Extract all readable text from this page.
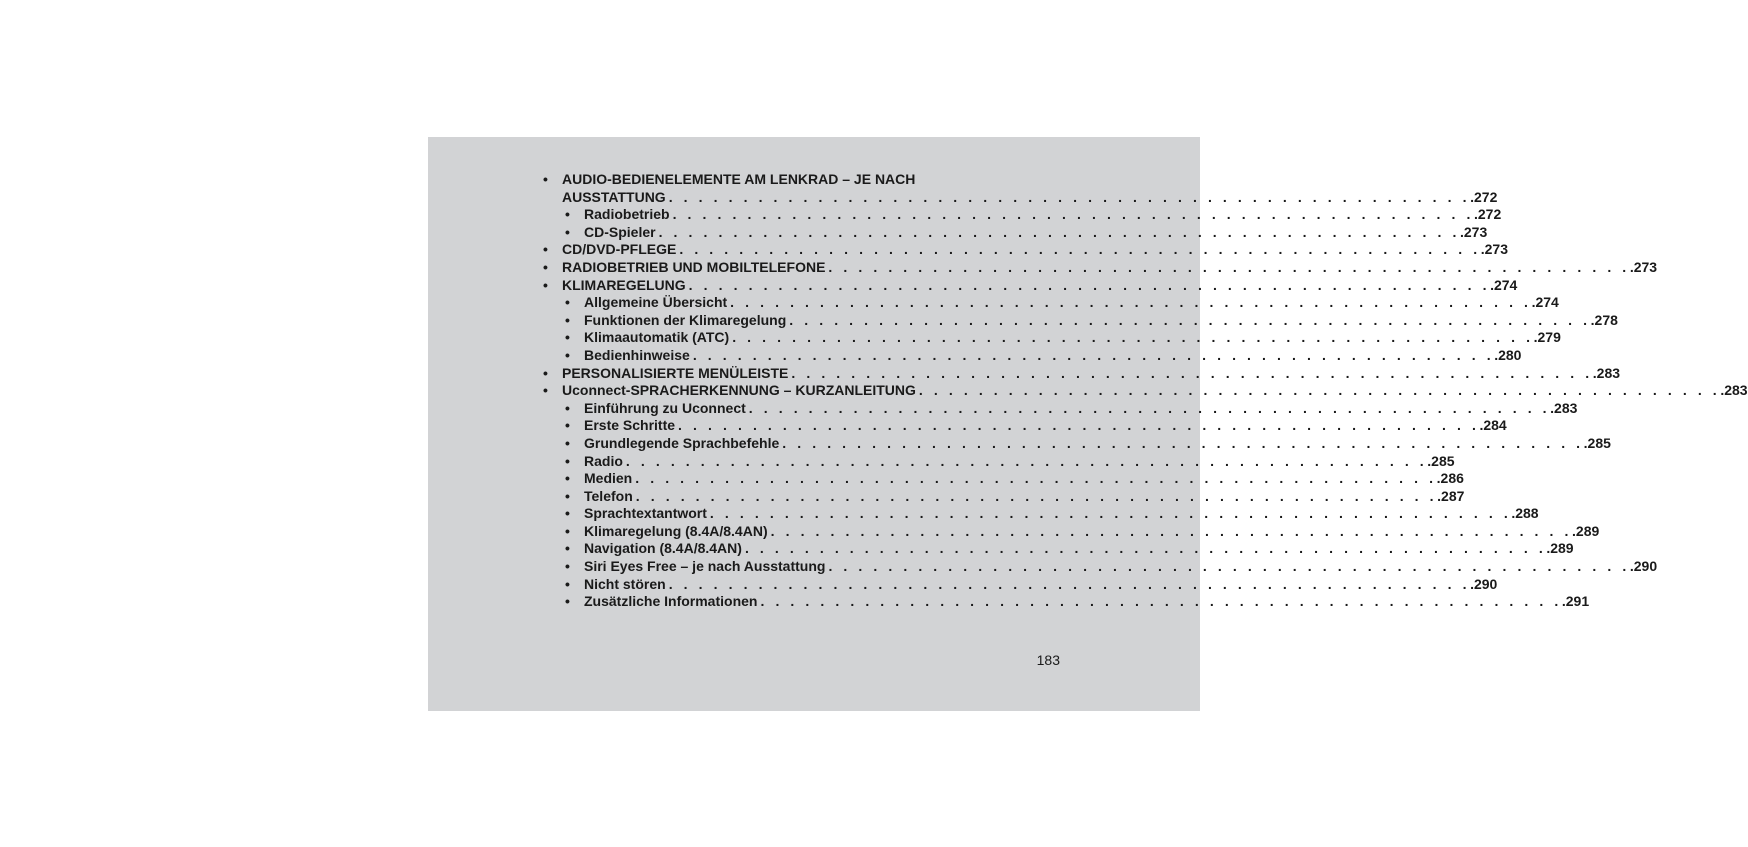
• AUDIO-BEDIENELEMENTE AM LENKRAD – JE NACH
AUSSTATTUNG . . . . . . . . . . . . . . . . . . . . . . . . . . . . . . . . . . . . . . . . . . . . . . . . . . . . . . .272
• Radiobetrieb . . . . . . . . . . . . . . . . . . . . . . . . . . . . . . . . . . . . . . . . . . . . . . . . . . . . . . .272
• CD-Spieler . . . . . . . . . . . . . . . . . . . . . . . . . . . . . . . . . . . . . . . . . . . . . . . . . . . . . . .273
• CD/DVD-PFLEGE . . . . . . . . . . . . . . . . . . . . . . . . . . . . . . . . . . . . . . . . . . . . . . . . . . . . . . .273
• RADIOBETRIEB UND MOBILTELEFONE . . . . . . . . . . . . . . . . . . . . . . . . . . . . . . . . . . . . . . . . . . . . . . . . . . . . . . .273
• KLIMAREGELUNG . . . . . . . . . . . . . . . . . . . . . . . . . . . . . . . . . . . . . . . . . . . . . . . . . . . . . . .274
• Allgemeine Übersicht . . . . . . . . . . . . . . . . . . . . . . . . . . . . . . . . . . . . . . . . . . . . . . . . . . . . . . .274
• Funktionen der Klimaregelung . . . . . . . . . . . . . . . . . . . . . . . . . . . . . . . . . . . . . . . . . . . . . . . . . . . . . . .278
• Klimaautomatik (ATC) . . . . . . . . . . . . . . . . . . . . . . . . . . . . . . . . . . . . . . . . . . . . . . . . . . . . . . .279
• Bedienhinweise . . . . . . . . . . . . . . . . . . . . . . . . . . . . . . . . . . . . . . . . . . . . . . . . . . . . . . .280
• PERSONALISIERTE MENÜLEISTE . . . . . . . . . . . . . . . . . . . . . . . . . . . . . . . . . . . . . . . . . . . . . . . . . . . . . . .283
• Uconnect-SPRACHERKENNUNG – KURZANLEITUNG . . . . . . . . . . . . . . . . . . . . . . . . . . . . . . . . . . . . . . . . . . . . . . . . . . . . . . .283
• Einführung zu Uconnect . . . . . . . . . . . . . . . . . . . . . . . . . . . . . . . . . . . . . . . . . . . . . . . . . . . . . . .283
• Erste Schritte . . . . . . . . . . . . . . . . . . . . . . . . . . . . . . . . . . . . . . . . . . . . . . . . . . . . . . .284
• Grundlegende Sprachbefehle . . . . . . . . . . . . . . . . . . . . . . . . . . . . . . . . . . . . . . . . . . . . . . . . . . . . . . .285
• Radio . . . . . . . . . . . . . . . . . . . . . . . . . . . . . . . . . . . . . . . . . . . . . . . . . . . . . . .285
• Medien . . . . . . . . . . . . . . . . . . . . . . . . . . . . . . . . . . . . . . . . . . . . . . . . . . . . . . .286
• Telefon . . . . . . . . . . . . . . . . . . . . . . . . . . . . . . . . . . . . . . . . . . . . . . . . . . . . . . .287
• Sprachtextantwort . . . . . . . . . . . . . . . . . . . . . . . . . . . . . . . . . . . . . . . . . . . . . . . . . . . . . . .288
• Klimaregelung (8.4A/8.4AN) . . . . . . . . . . . . . . . . . . . . . . . . . . . . . . . . . . . . . . . . . . . . . . . . . . . . . . .289
• Navigation (8.4A/8.4AN) . . . . . . . . . . . . . . . . . . . . . . . . . . . . . . . . . . . . . . . . . . . . . . . . . . . . . . .289
• Siri Eyes Free – je nach Ausstattung . . . . . . . . . . . . . . . . . . . . . . . . . . . . . . . . . . . . . . . . . . . . . . . . . . . . . . .290
• Nicht stören . . . . . . . . . . . . . . . . . . . . . . . . . . . . . . . . . . . . . . . . . . . . . . . . . . . . . . .290
• Zusätzliche Informationen . . . . . . . . . . . . . . . . . . . . . . . . . . . . . . . . . . . . . . . . . . . . . . . . . . . . . . .291
183
